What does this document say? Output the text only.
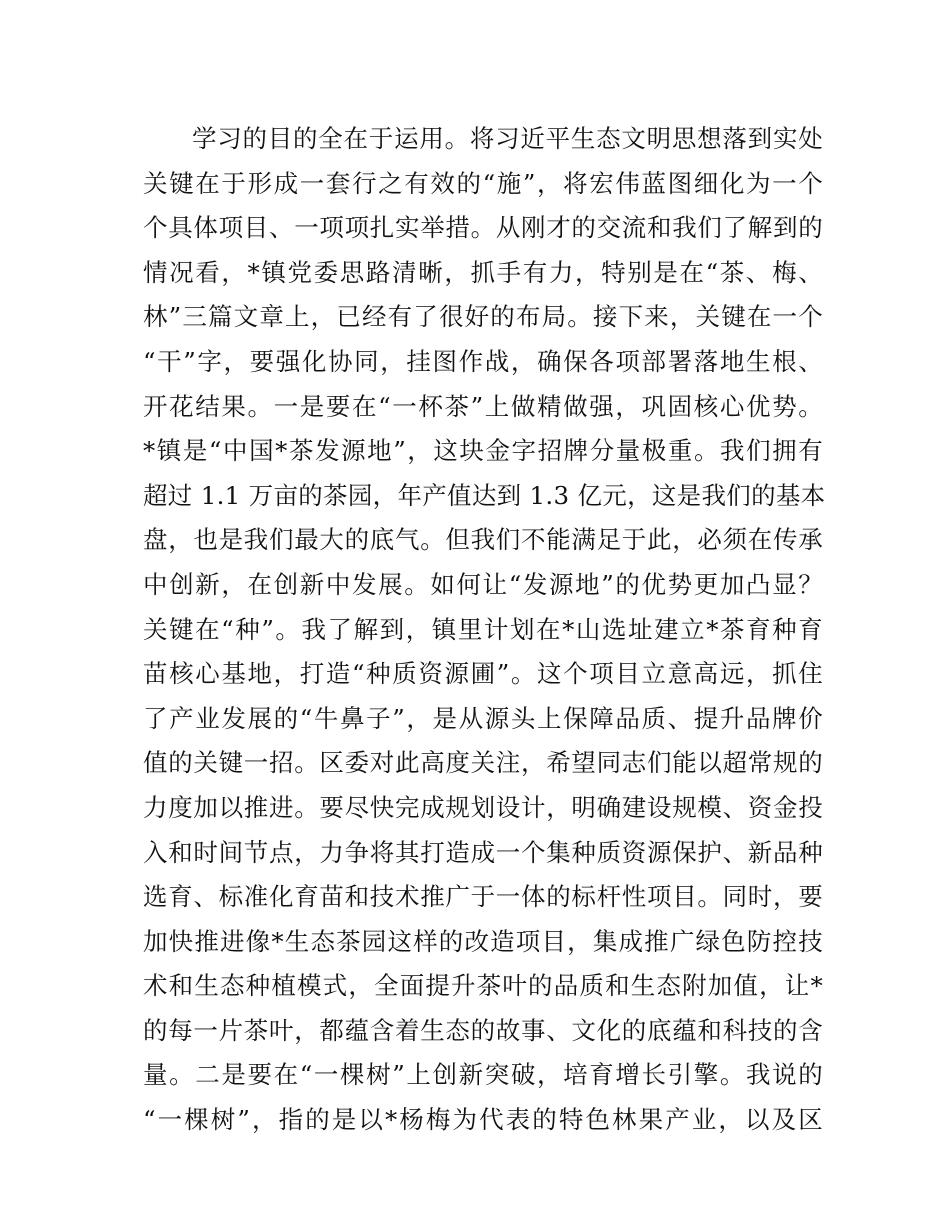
学习的目的全在于运用。将习近平生态文明思想落到实处
关键在于形成一套行之有效的“施”，将宏伟蓝图细化为一个
个具体项目、一项项扎实举措。从刚才的交流和我们了解到的
情况看，*镇党委思路清晰，抓手有力，特别是在“茶、梅、
林”三篇文章上，已经有了很好的布局。接下来，关键在一个
“干”字，要强化协同，挂图作战，确保各项部署落地生根、
开花结果。一是要在“一杯茶”上做精做强，巩固核心优势。
*镇是“中国*茶发源地”，这块金字招牌分量极重。我们拥有
超过 1.1 万亩的茶园，年产值达到 1.3 亿元，这是我们的基本
盘，也是我们最大的底气。但我们不能满足于此，必须在传承
中创新，在创新中发展。如何让“发源地”的优势更加凸显？
关键在“种”。我了解到，镇里计划在*山选址建立*茶育种育
苗核心基地，打造“种质资源圃”。这个项目立意高远，抓住
了产业发展的“牛鼻子”，是从源头上保障品质、提升品牌价
值的关键一招。区委对此高度关注，希望同志们能以超常规的
力度加以推进。要尽快完成规划设计，明确建设规模、资金投
入和时间节点，力争将其打造成一个集种质资源保护、新品种
选育、标准化育苗和技术推广于一体的标杆性项目。同时，要
加快推进像*生态茶园这样的改造项目，集成推广绿色防控技
术和生态种植模式，全面提升茶叶的品质和生态附加值，让*
的每一片茶叶，都蕴含着生态的故事、文化的底蕴和科技的含
量。二是要在“一棵树”上创新突破，培育增长引擎。我说的
“一棵树”，指的是以*杨梅为代表的特色林果产业，以及区
